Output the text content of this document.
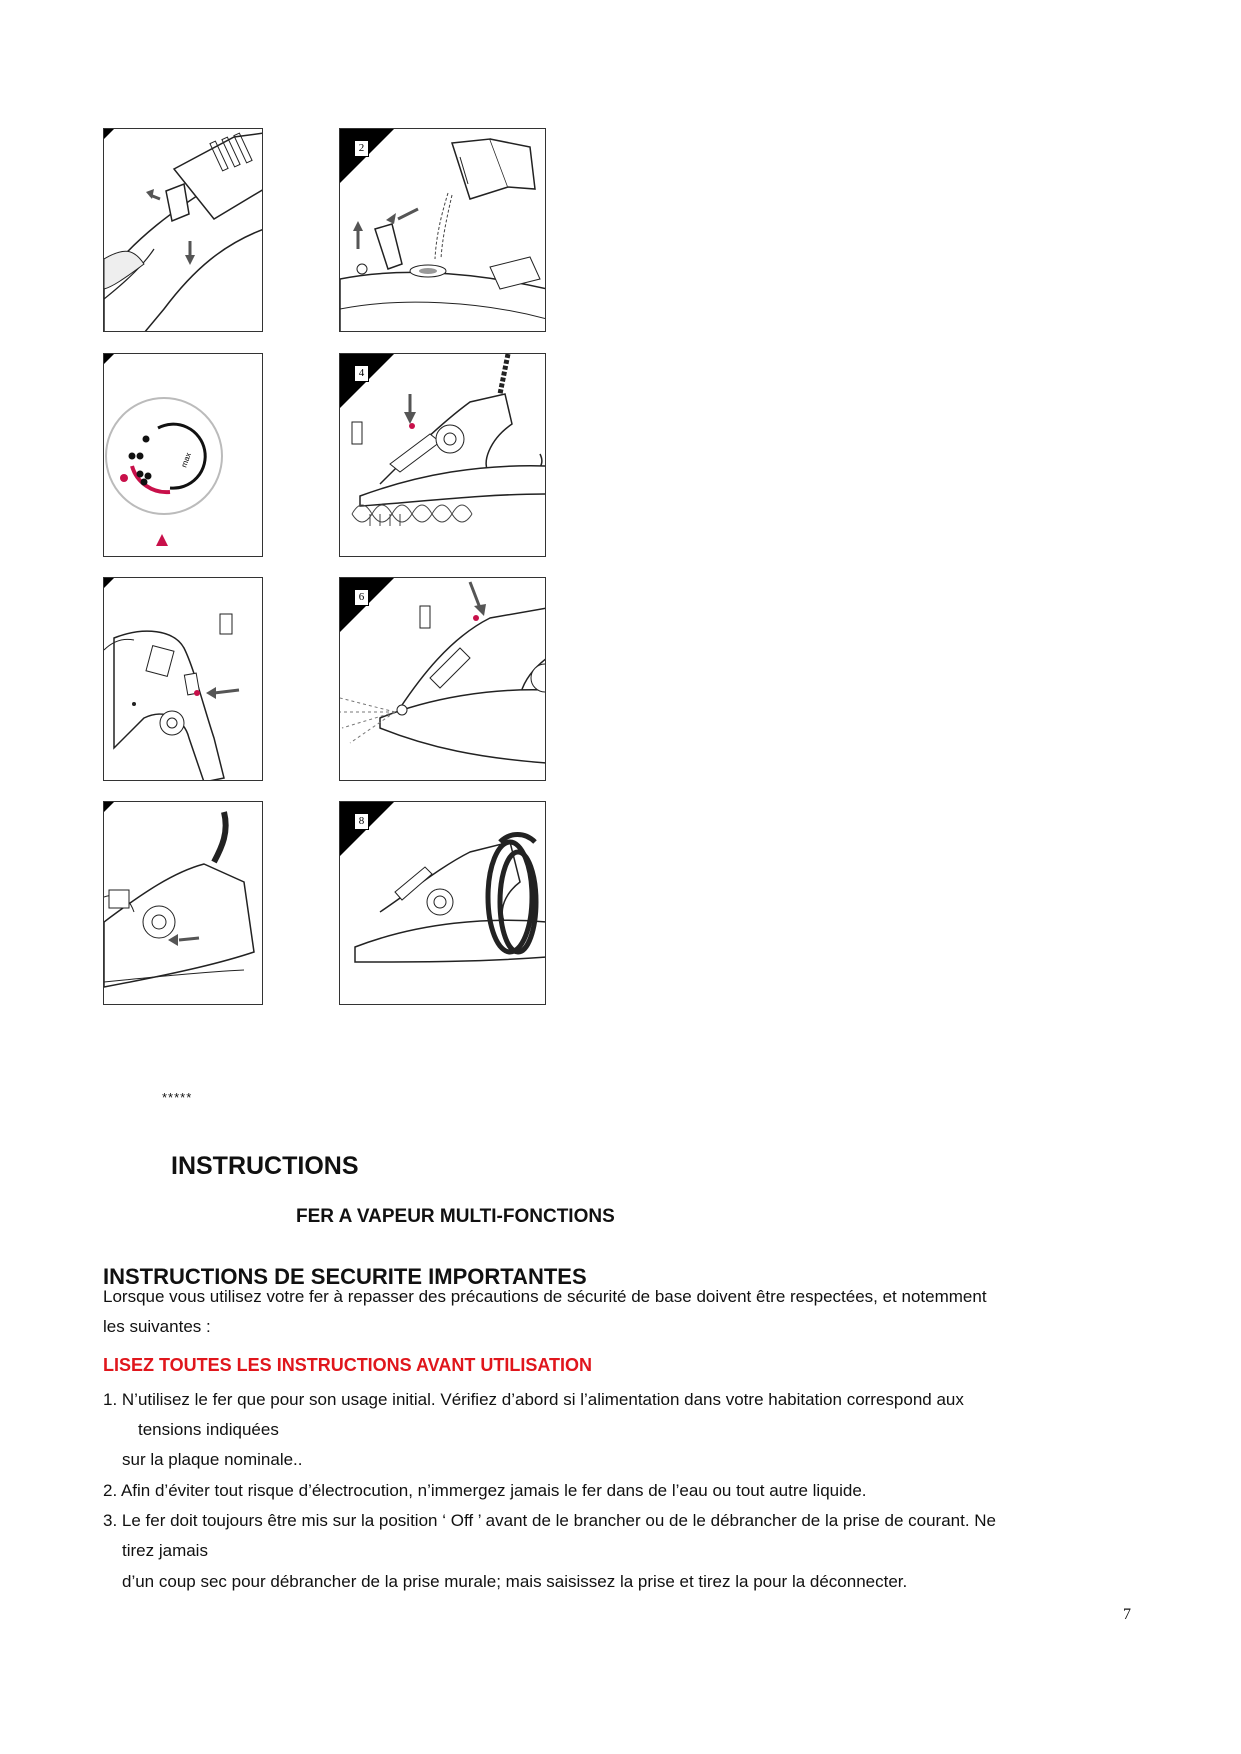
2
max
4
6
8
*****
INSTRUCTIONS
FER A VAPEUR MULTI-FONCTIONS
INSTRUCTIONS DE SECURITE IMPORTANTES
Lorsque vous utilisez votre fer à repasser des précautions de sécurité de base doivent être respectées, et notemment
les suivantes :
LISEZ TOUTES LES INSTRUCTIONS AVANT UTILISATION
1. N’utilisez le fer que pour son usage initial. Vérifiez d’abord si l’alimentation dans votre habitation correspond aux
tensions indiquées
sur la plaque nominale..
2. Afin d’éviter tout risque d’électrocution, n’immergez jamais le fer dans de l’eau ou tout autre liquide.
3. Le fer doit toujours être mis sur la position ‘ Off ’ avant de le brancher ou de le débrancher de la prise de courant. Ne
tirez jamais
d’un coup sec pour débrancher de la prise murale; mais saisissez la prise et tirez la pour la déconnecter.
7
